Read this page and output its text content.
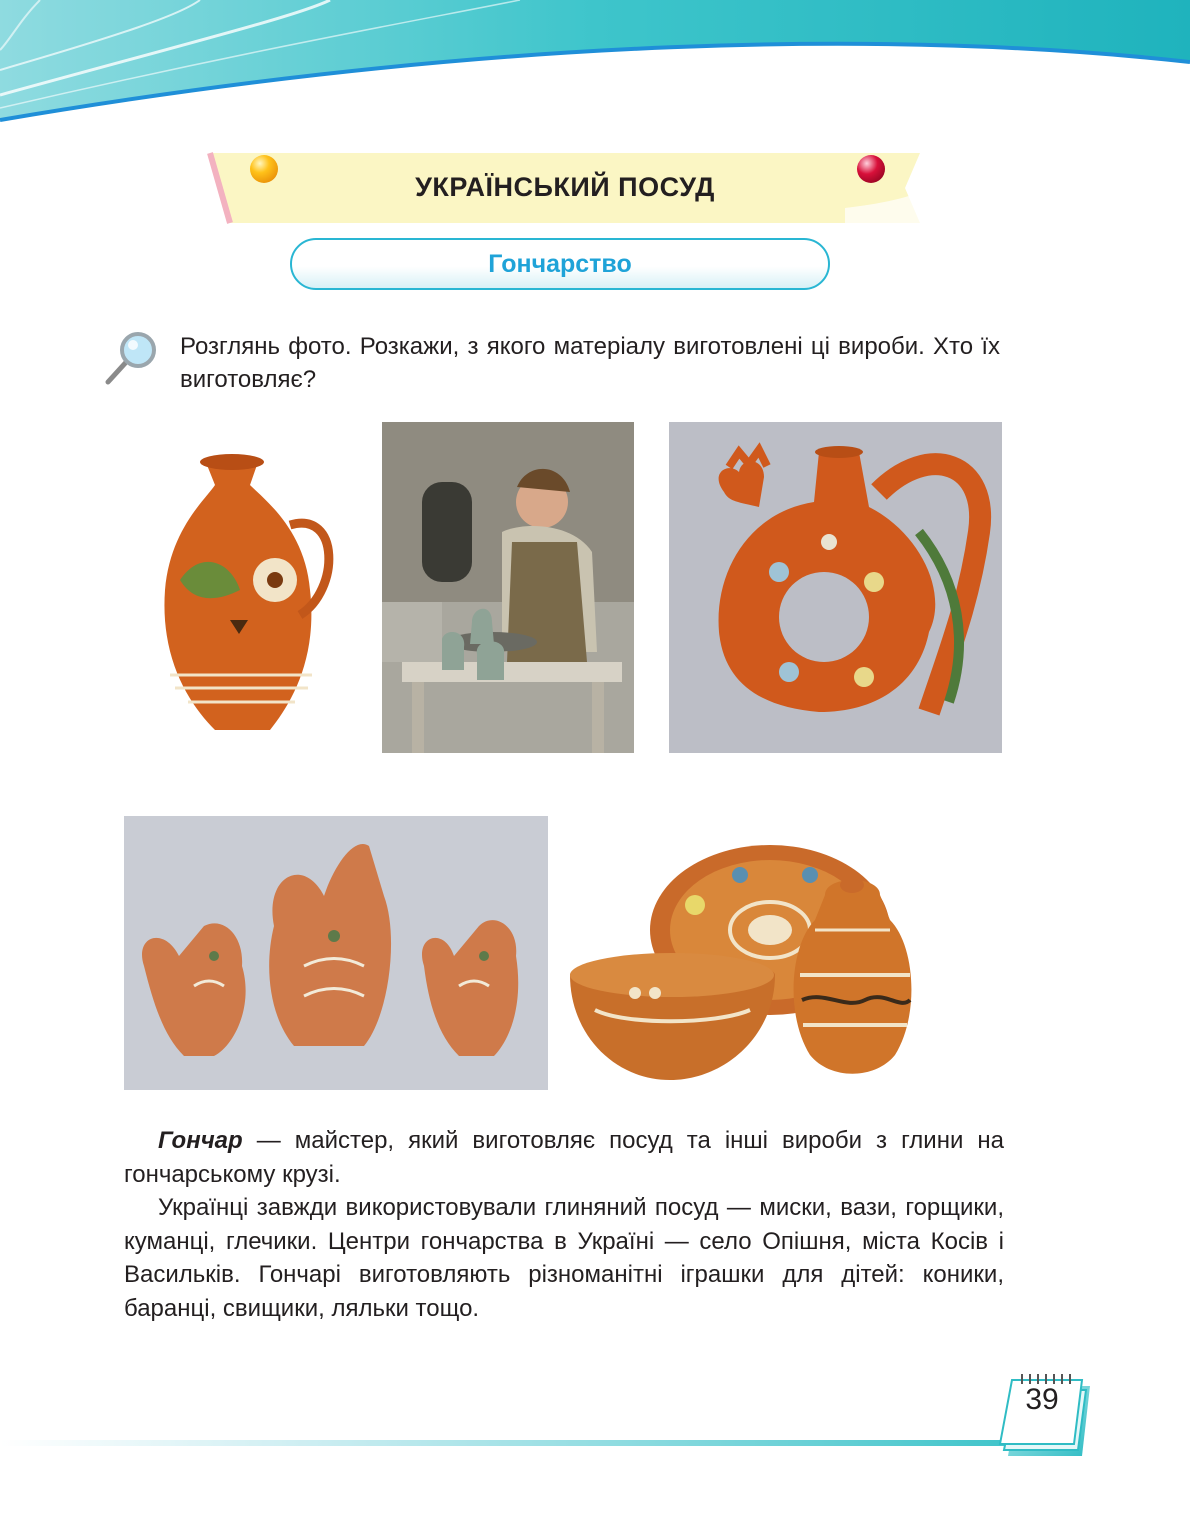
УКРАЇНСЬКИЙ ПОСУД
Гончарство

Розглянь фото. Розкажи, з якого матеріалу виготовлені ці вироби. Хто їх виготовляє?

Гончар — майстер, який виготовляє посуд та інші вироби з глини на гончарському крузі.

Українці завжди використовували глиняний посуд — миски, вази, горщики, куманці, глечики. Центри гончарства в Україні — село Опішня, міста Косів і Васильків. Гончарі виготовляють різноманітні іграшки для дітей: коники, баранці, свищики, ляльки тощо.

39
